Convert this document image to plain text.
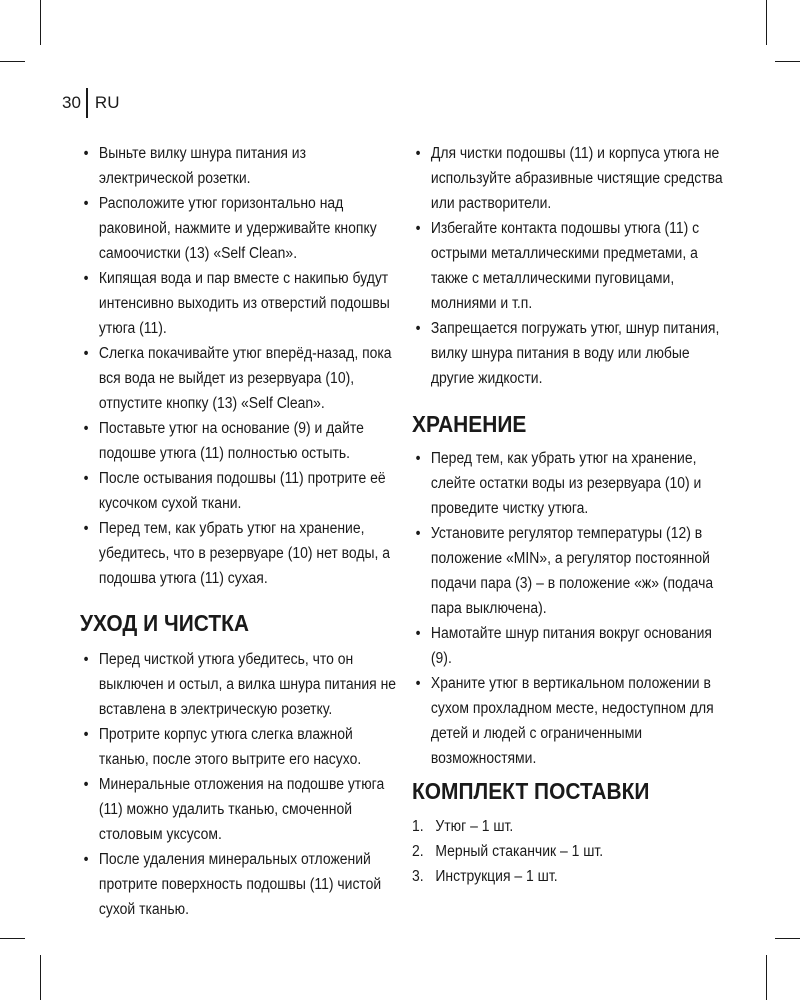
30 RU
• Выньте вилку шнура питания из электрической розетки.
• Расположите утюг горизонтально над раковиной, нажмите и удерживайте кнопку самоочистки (13) «Self Clean».
• Кипящая вода и пар вместе с накипью будут интенсивно выходить из отверстий подошвы утюга (11).
• Слегка покачивайте утюг вперёд-назад, пока вся вода не выйдет из резервуара (10), отпустите кнопку (13) «Self Clean».
• Поставьте утюг на основание (9) и дайте подошве утюга (11) полностью остыть.
• После остывания подошвы (11) протрите её кусочком сухой ткани.
• Перед тем, как убрать утюг на хранение, убедитесь, что в резервуаре (10) нет воды, а подошва утюга (11) сухая.
УХОД И ЧИСТКА
• Перед чисткой утюга убедитесь, что он выключен и остыл, а вилка шнура питания не вставлена в электрическую розетку.
• Протрите корпус утюга слегка влажной тканью, после этого вытрите его насухо.
• Минеральные отложения на подошве утюга (11) можно удалить тканью, смоченной столовым уксусом.
• После удаления минеральных отложений протрите поверхность подошвы (11) чистой сухой тканью.
• Для чистки подошвы (11) и корпуса утюга не используйте абразивные чистящие средства или растворители.
• Избегайте контакта подошвы утюга (11) с острыми металлическими предметами, а также с металлическими пуговицами, молниями и т.п.
• Запрещается погружать утюг, шнур питания, вилку шнура питания в воду или любые другие жидкости.
ХРАНЕНИЕ
• Перед тем, как убрать утюг на хранение, слейте остатки воды из резервуара (10) и проведите чистку утюга.
• Установите регулятор температуры (12) в положение «MIN», а регулятор постоянной подачи пара (3) – в положение «ж» (подача пара выключена).
• Намотайте шнур питания вокруг основания (9).
• Храните утюг в вертикальном положении в сухом прохладном месте, недоступном для детей и людей с ограниченными возможностями.
КОМПЛЕКТ ПОСТАВКИ
1. Утюг – 1 шт.
2. Мерный стаканчик – 1 шт.
3. Инструкция – 1 шт.
